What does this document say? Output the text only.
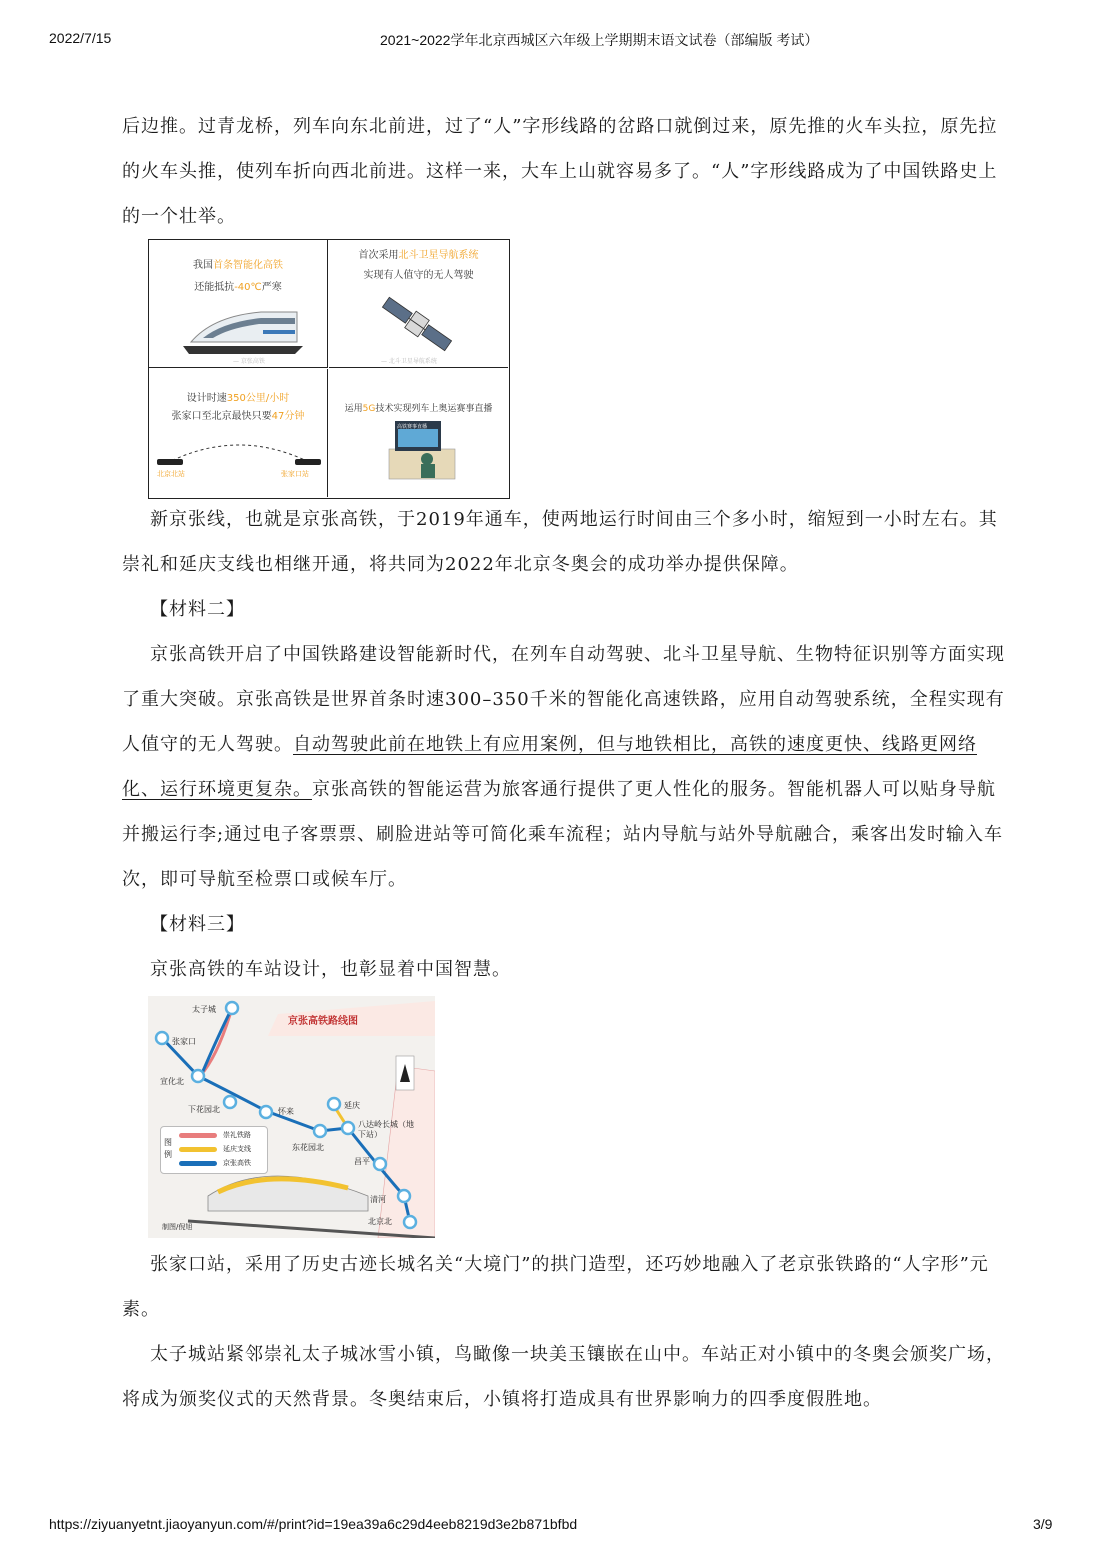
2022/7/15	2021~2022学年北京西城区六年级上学期期末语文试卷（部编版 考试）

后边推。过青龙桥，列车向东北前进，过了“人”字形线路的岔路口就倒过来，原先推的火车头拉，原先拉的火车头推，使列车折向西北前进。这样一来，大车上山就容易多了。“人”字形线路成为了中国铁路史上的一个壮举。

我国首条智能化高铁
还能抵抗-40℃严寒
— 京张高铁
首次采用北斗卫星导航系统
实现有人值守的无人驾驶
— 北斗卫星导航系统
设计时速350公里/小时
张家口至北京最快只要47分钟
北京北站	张家口站
运用5G技术实现列车上奥运赛事直播
高铁赛事直播

新京张线，也就是京张高铁，于2019年通车，使两地运行时间由三个多小时，缩短到一小时左右。其崇礼和延庆支线也相继开通，将共同为2022年北京冬奥会的成功举办提供保障。

【材料二】

京张高铁开启了中国铁路建设智能新时代，在列车自动驾驶、北斗卫星导航、生物特征识别等方面实现了重大突破。京张高铁是世界首条时速300–350千米的智能化高速铁路，应用自动驾驶系统，全程实现有人值守的无人驾驶。自动驾驶此前在地铁上有应用案例，但与地铁相比，高铁的速度更快、线路更网络化、运行环境更复杂。京张高铁的智能运营为旅客通行提供了更人性化的服务。智能机器人可以贴身导航并搬运行李;通过电子客票票、刷脸进站等可简化乘车流程；站内导航与站外导航融合，乘客出发时输入车次，即可导航至检票口或候车厅。

【材料三】

京张高铁的车站设计，也彰显着中国智慧。

京张高铁路线图
太子城
张家口
宣化北
下花园北	怀来
延庆
八达岭长城（地下站）
东花园北
昌平
清河
北京北
图例
崇礼铁路
延庆支线
京张高铁
制图/倪旭

张家口站，采用了历史古迹长城名关“大境门”的拱门造型，还巧妙地融入了老京张铁路的“人字形”元素。

太子城站紧邻崇礼太子城冰雪小镇，鸟瞰像一块美玉镶嵌在山中。车站正对小镇中的冬奥会颁奖广场，将成为颁奖仪式的天然背景。冬奥结束后，小镇将打造成具有世界影响力的四季度假胜地。

https://ziyuanyetnt.jiaoyanyun.com/#/print?id=19ea39a6c29d4eeb8219d3e2b871bfbd	3/9
